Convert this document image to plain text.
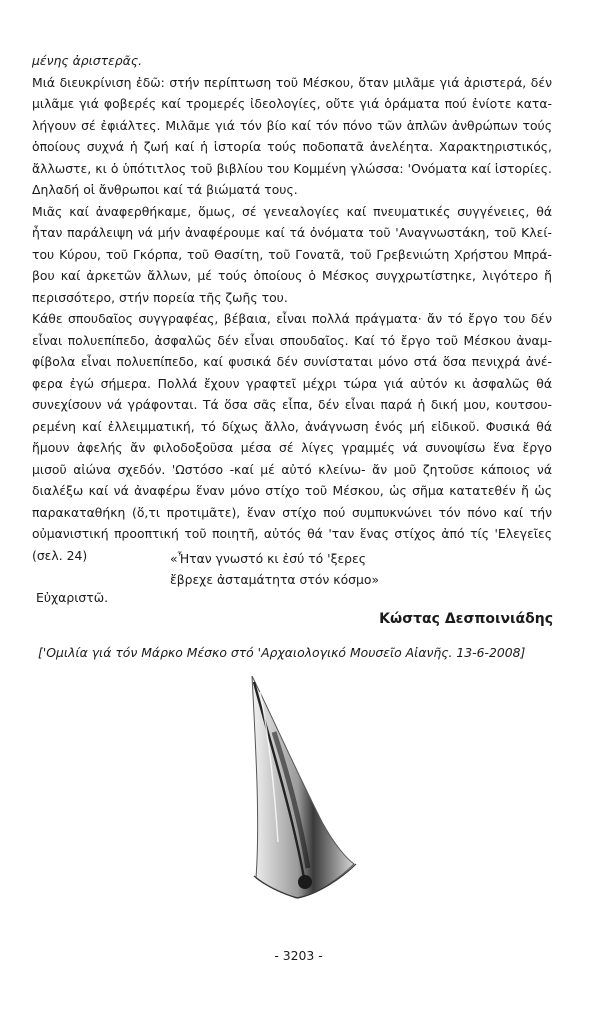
μένης ἀριστερᾶς.
Μιά διευκρίνιση ἐδῶ: στήν περίπτωση τοῦ Μέσκου, ὅταν μιλᾶμε γιά ἀριστερά, δέν
μιλᾶμε γιά φοβερές καί τρομερές ἰδεολογίες, οὔτε γιά ὁράματα πού ἐνίοτε κατα-
λήγουν σέ ἐφιάλτες. Μιλᾶμε γιά τόν βίο καί τόν πόνο τῶν ἁπλῶν ἀνθρώπων τούς
ὁποίους συχνά ἡ ζωή καί ἡ ἱστορία τούς ποδοπατᾶ ἀνελέητα. Χαρακτηριστικός,
ἄλλωστε, κι ὁ ὑπότιτλος τοῦ βιβλίου του Κομμένη γλώσσα: 'Ονόματα καί ἱστορίες.
Δηλαδή οἱ ἄνθρωποι καί τά βιώματά τους.
Μιᾶς καί ἀναφερθήκαμε, ὅμως, σέ γενεαλογίες καί πνευματικές συγγένειες, θά
ἦταν παράλειψη νά μήν ἀναφέρουμε καί τά ὀνόματα τοῦ 'Αναγνωστάκη, τοῦ Κλεί-
του Κύρου, τοῦ Γκόρπα, τοῦ Θασίτη, τοῦ Γονατᾶ, τοῦ Γρεβενιώτη Χρήστου Μπρά-
βου καί ἀρκετῶν ἄλλων, μέ τούς ὁποίους ὁ Μέσκος συγχρωτίστηκε, λιγότερο ἤ
περισσότερο, στήν πορεία τῆς ζωῆς του.
Κάθε σπουδαῖος συγγραφέας, βέβαια, εἶναι πολλά πράγματα· ἄν τό ἔργο του δέν
εἶναι πολυεπίπεδο, ἀσφαλῶς δέν εἶναι σπουδαῖος. Καί τό ἔργο τοῦ Μέσκου ἀναμ-
φίβολα εἶναι πολυεπίπεδο, καί φυσικά δέν συνίσταται μόνο στά ὅσα πενιχρά ἀνέ-
φερα ἐγώ σήμερα. Πολλά ἔχουν γραφτεῖ μέχρι τώρα γιά αὐτόν κι ἀσφαλῶς θά
συνεχίσουν νά γράφονται. Τά ὅσα σᾶς εἶπα, δέν εἶναι παρά ἡ δική μου, κουτσου-
ρεμένη καί ἐλλειμματική, τό δίχως ἄλλο, ἀνάγνωση ἑνός μή εἰδικοῦ. Φυσικά θά
ἤμουν ἀφελής ἄν φιλοδοξοῦσα μέσα σέ λίγες γραμμές νά συνοψίσω ἕνα ἔργο
μισοῦ αἰώνα σχεδόν. 'Ωστόσο -καί μέ αὐτό κλείνω- ἄν μοῦ ζητοῦσε κάποιος νά
διαλέξω καί νά ἀναφέρω ἕναν μόνο στίχο τοῦ Μέσκου, ὡς σῆμα κατατεθέν ἤ ὡς
παρακαταθήκη (ὅ,τι προτιμᾶτε), ἕναν στίχο πού συμπυκνώνει τόν πόνο καί τήν
οὐμανιστική προοπτική τοῦ ποιητῆ, αὐτός θά 'ταν ἕνας στίχος ἀπό τίς 'Ελεγεῖες
(σελ. 24)	«Ἦταν γνωστό κι ἐσύ τό 'ξερες
ἔβρεχε ἀσταμάτητα στόν κόσμο»
Εὐχαριστῶ.
Κώστας Δεσποινιάδης
['Ομιλία γιά τόν Μάρκο Μέσκο στό 'Αρχαιολογικό Μουσεῖο Αἰανῆς. 13-6-2008]
- 3203 -
